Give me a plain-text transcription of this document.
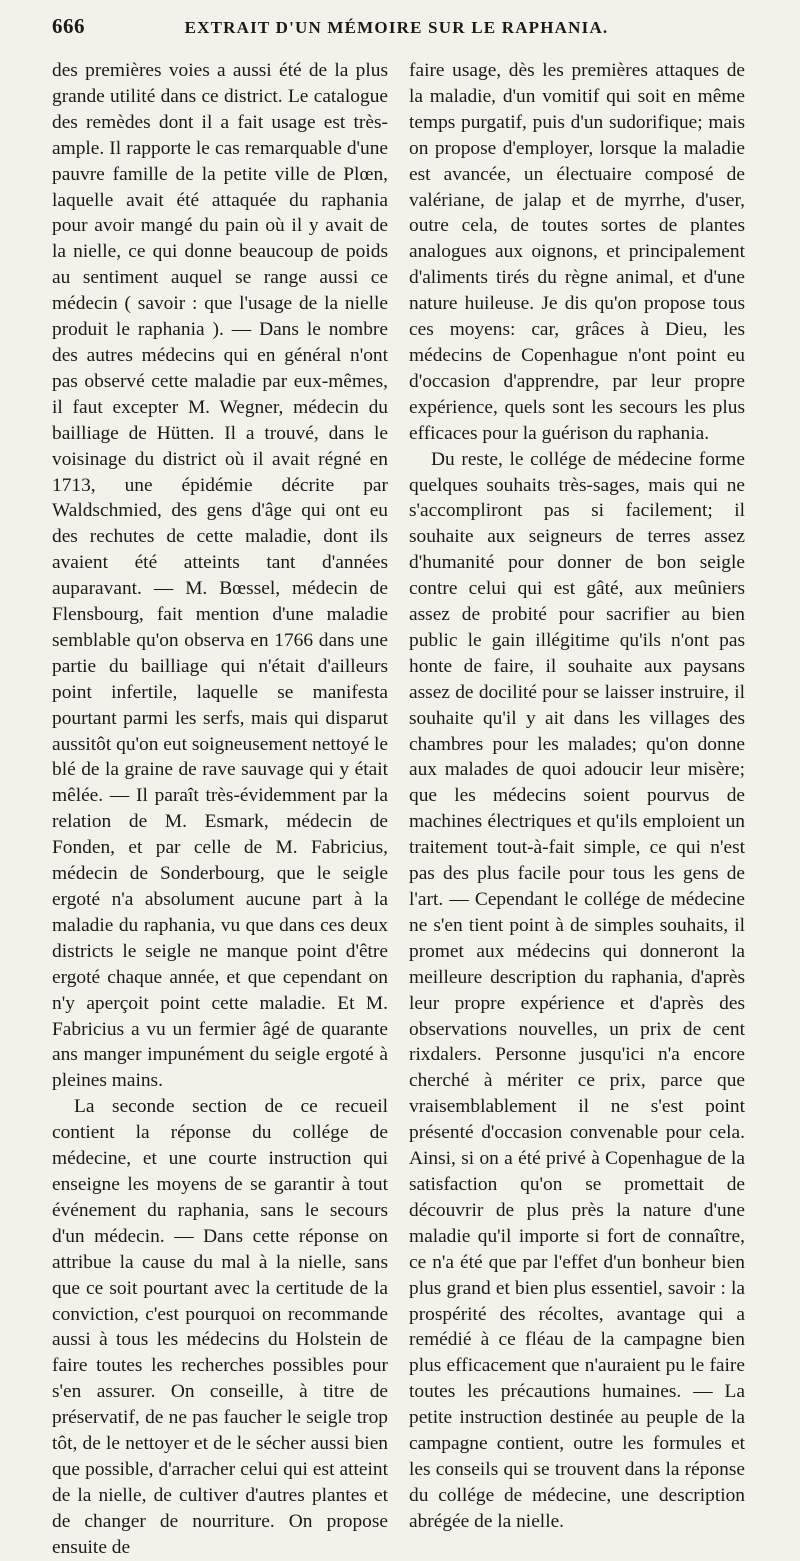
666	EXTRAIT D'UN MÉMOIRE SUR LE RAPHANIA.

des premières voies a aussi été de la plus grande utilité dans ce district. Le catalogue des remèdes dont il a fait usage est très-ample. Il rapporte le cas remarquable d'une pauvre famille de la petite ville de Plœn, laquelle avait été attaquée du raphania pour avoir mangé du pain où il y avait de la nielle, ce qui donne beaucoup de poids au sentiment auquel se range aussi ce médecin ( savoir : que l'usage de la nielle produit le raphania ). — Dans le nombre des autres médecins qui en général n'ont pas observé cette maladie par eux-mêmes, il faut excepter M. Wegner, médecin du bailliage de Hütten. Il a trouvé, dans le voisinage du district où il avait régné en 1713, une épidémie décrite par Waldschmied, des gens d'âge qui ont eu des rechutes de cette maladie, dont ils avaient été atteints tant d'années auparavant. — M. Bœssel, médecin de Flensbourg, fait mention d'une maladie semblable qu'on observa en 1766 dans une partie du bailliage qui n'était d'ailleurs point infertile, laquelle se manifesta pourtant parmi les serfs, mais qui disparut aussitôt qu'on eut soigneusement nettoyé le blé de la graine de rave sauvage qui y était mêlée. — Il paraît très-évidemment par la relation de M. Esmark, médecin de Fonden, et par celle de M. Fabricius, médecin de Sonderbourg, que le seigle ergoté n'a absolument aucune part à la maladie du raphania, vu que dans ces deux districts le seigle ne manque point d'être ergoté chaque année, et que cependant on n'y aperçoit point cette maladie. Et M. Fabricius a vu un fermier âgé de quarante ans manger impunément du seigle ergoté à pleines mains.

La seconde section de ce recueil contient la réponse du collége de médecine, et une courte instruction qui enseigne les moyens de se garantir à tout événement du raphania, sans le secours d'un médecin. — Dans cette réponse on attribue la cause du mal à la nielle, sans que ce soit pourtant avec la certitude de la conviction, c'est pourquoi on recommande aussi à tous les médecins du Holstein de faire toutes les recherches possibles pour s'en assurer. On conseille, à titre de préservatif, de ne pas faucher le seigle trop tôt, de le nettoyer et de le sécher aussi bien que possible, d'arracher celui qui est atteint de la nielle, de cultiver d'autres plantes et de changer de nourriture. On propose ensuite de

faire usage, dès les premières attaques de la maladie, d'un vomitif qui soit en même temps purgatif, puis d'un sudorifique; mais on propose d'employer, lorsque la maladie est avancée, un électuaire composé de valériane, de jalap et de myrrhe, d'user, outre cela, de toutes sortes de plantes analogues aux oignons, et principalement d'aliments tirés du règne animal, et d'une nature huileuse. Je dis qu'on propose tous ces moyens: car, grâces à Dieu, les médecins de Copenhague n'ont point eu d'occasion d'apprendre, par leur propre expérience, quels sont les secours les plus efficaces pour la guérison du raphania.

Du reste, le collége de médecine forme quelques souhaits très-sages, mais qui ne s'accompliront pas si facilement; il souhaite aux seigneurs de terres assez d'humanité pour donner de bon seigle contre celui qui est gâté, aux meûniers assez de probité pour sacrifier au bien public le gain illégitime qu'ils n'ont pas honte de faire, il souhaite aux paysans assez de docilité pour se laisser instruire, il souhaite qu'il y ait dans les villages des chambres pour les malades; qu'on donne aux malades de quoi adoucir leur misère; que les médecins soient pourvus de machines électriques et qu'ils emploient un traitement tout-à-fait simple, ce qui n'est pas des plus facile pour tous les gens de l'art. — Cependant le collége de médecine ne s'en tient point à de simples souhaits, il promet aux médecins qui donneront la meilleure description du raphania, d'après leur propre expérience et d'après des observations nouvelles, un prix de cent rixdalers. Personne jusqu'ici n'a encore cherché à mériter ce prix, parce que vraisemblablement il ne s'est point présenté d'occasion convenable pour cela. Ainsi, si on a été privé à Copenhague de la satisfaction qu'on se promettait de découvrir de plus près la nature d'une maladie qu'il importe si fort de connaître, ce n'a été que par l'effet d'un bonheur bien plus grand et bien plus essentiel, savoir : la prospérité des récoltes, avantage qui a remédié à ce fléau de la campagne bien plus efficacement que n'auraient pu le faire toutes les précautions humaines. — La petite instruction destinée au peuple de la campagne contient, outre les formules et les conseils qui se trouvent dans la réponse du collége de médecine, une description abrégée de la nielle.
